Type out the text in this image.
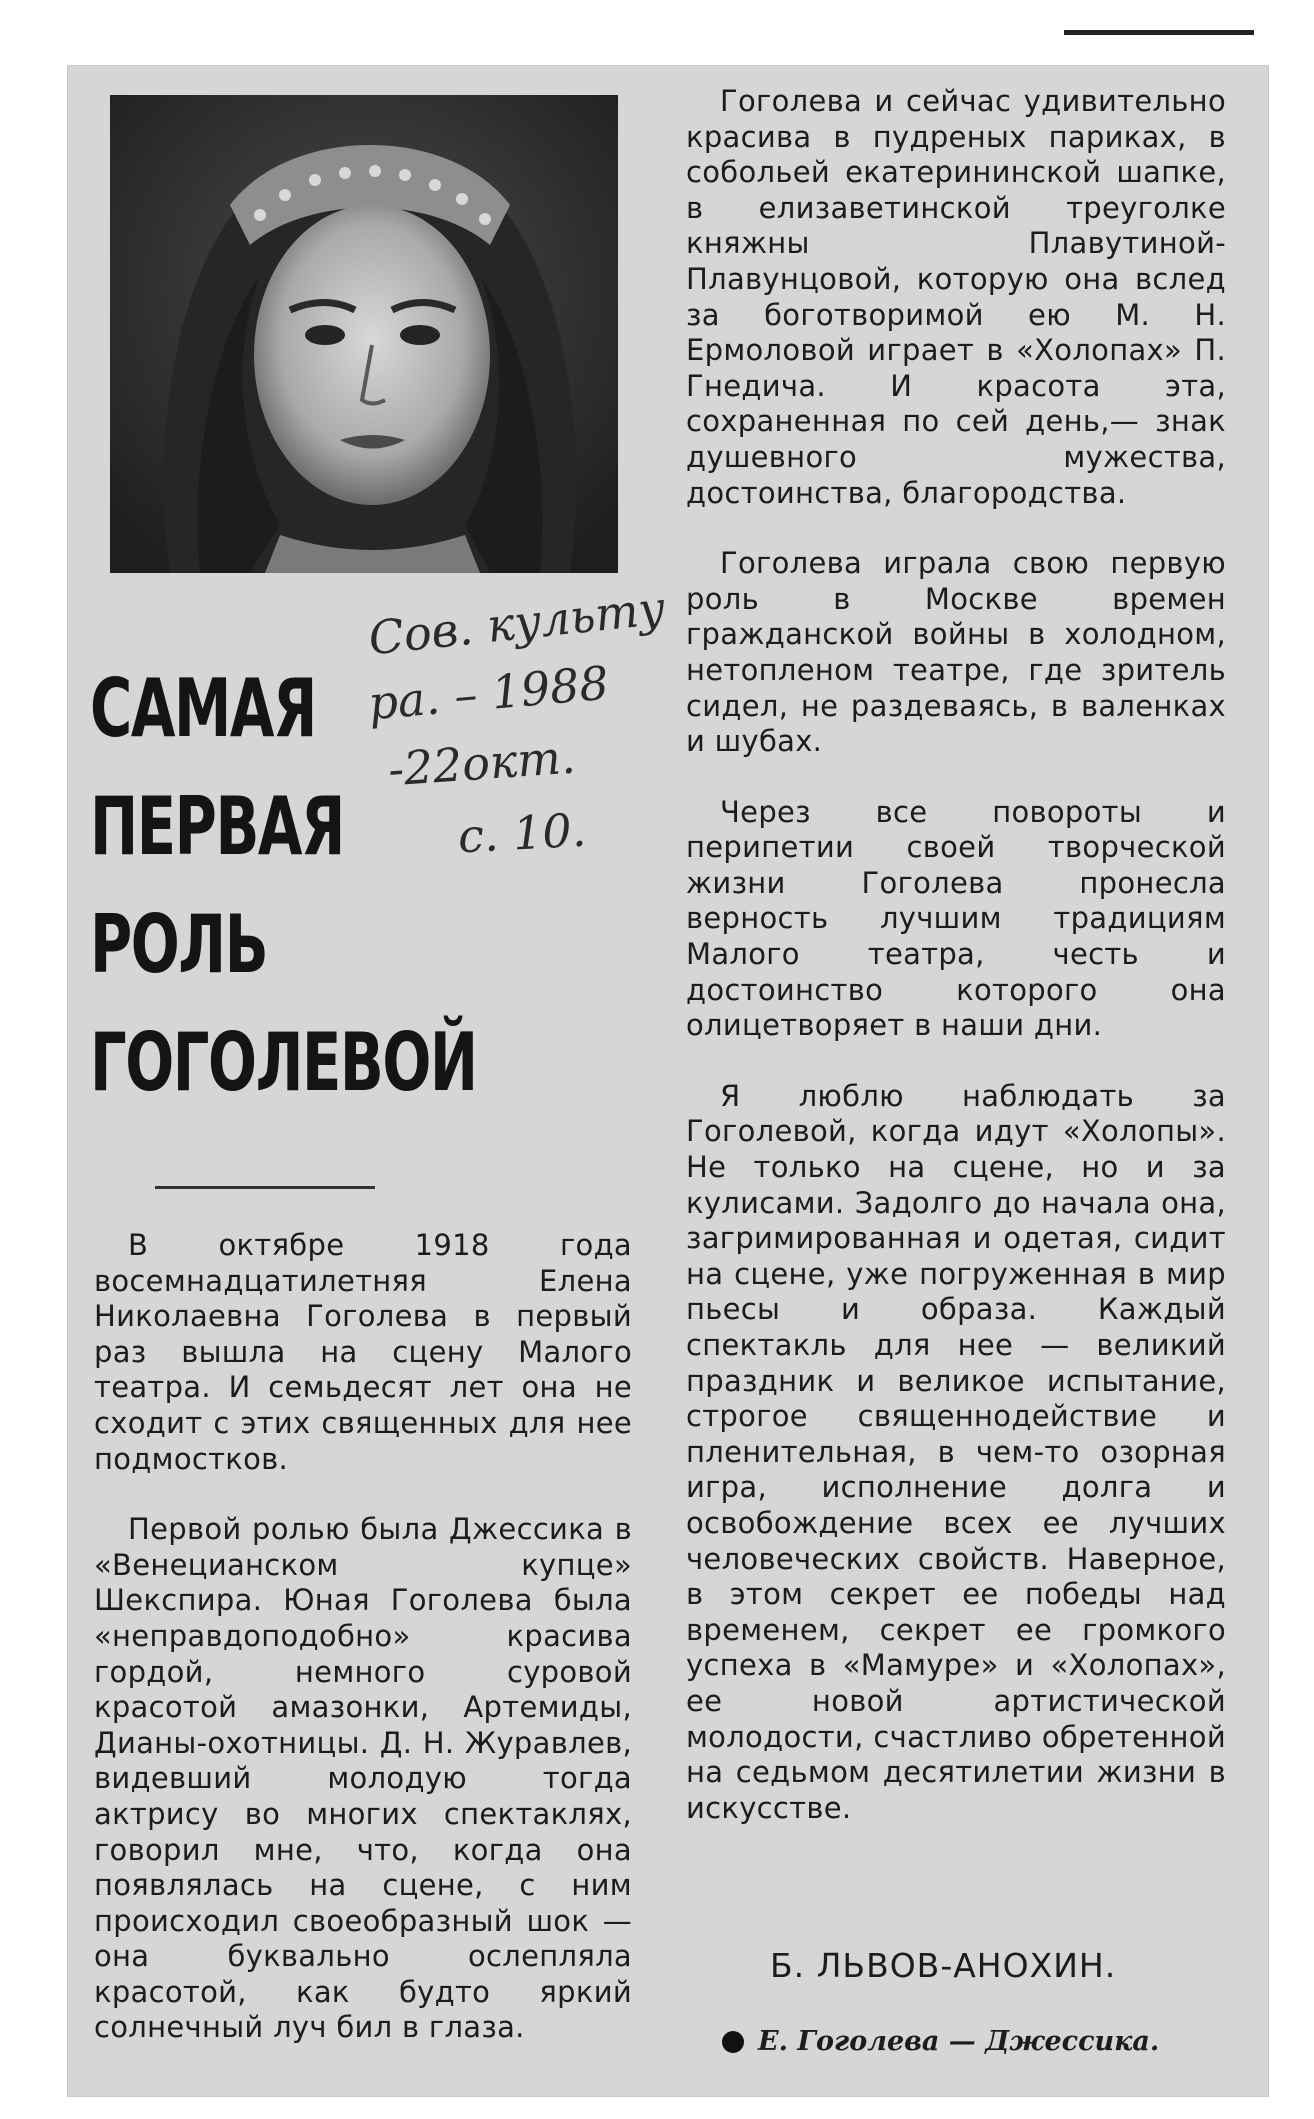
САМАЯ
ПЕРВАЯ
РОЛЬ
ГОГОЛЕВОЙ
Сов. культу
ра. – 1988
-22окт.
с. 10.

В октябре 1918 года восемнадцатилетняя Елена Николаевна Гоголева в первый раз вышла на сцену Малого театра. И семьдесят лет она не сходит с этих священных для нее подмостков.

Первой ролью была Джессика в «Венецианском купце» Шекспира. Юная Гоголева была «неправдоподобно» красива гордой, немного суровой красотой амазонки, Артемиды, Дианы-охотницы. Д. Н. Журавлев, видевший молодую тогда актрису во многих спектаклях, говорил мне, что, когда она появлялась на сцене, с ним происходил своеобразный шок — она буквально ослепляла красотой, как будто яркий солнечный луч бил в глаза.

Гоголева и сейчас удивительно красива в пудреных париках, в собольей екатерининской шапке, в елизаветинской треуголке княжны Плавутиной-Плавунцовой, которую она вслед за боготворимой ею М. Н. Ермоловой играет в «Холопах» П. Гнедича. И красота эта, сохраненная по сей день,— знак душевного мужества, достоинства, благородства.

Гоголева играла свою первую роль в Москве времен гражданской войны в холодном, нетопленом театре, где зритель сидел, не раздеваясь, в валенках и шубах.

Через все повороты и перипетии своей творческой жизни Гоголева пронесла верность лучшим традициям Малого театра, честь и достоинство которого она олицетворяет в наши дни.

Я люблю наблюдать за Гоголевой, когда идут «Холопы». Не только на сцене, но и за кулисами. Задолго до начала она, загримированная и одетая, сидит на сцене, уже погруженная в мир пьесы и образа. Каждый спектакль для нее — великий праздник и великое испытание, строгое священнодействие и пленительная, в чем-то озорная игра, исполнение долга и освобождение всех ее лучших человеческих свойств. Наверное, в этом секрет ее победы над временем, секрет ее громкого успеха в «Мамуре» и «Холопах», ее новой артистической молодости, счастливо обретенной на седьмом десятилетии жизни в искусстве.

Б. ЛЬВОВ-АНОХИН.
Е. Гоголева — Джессика.
